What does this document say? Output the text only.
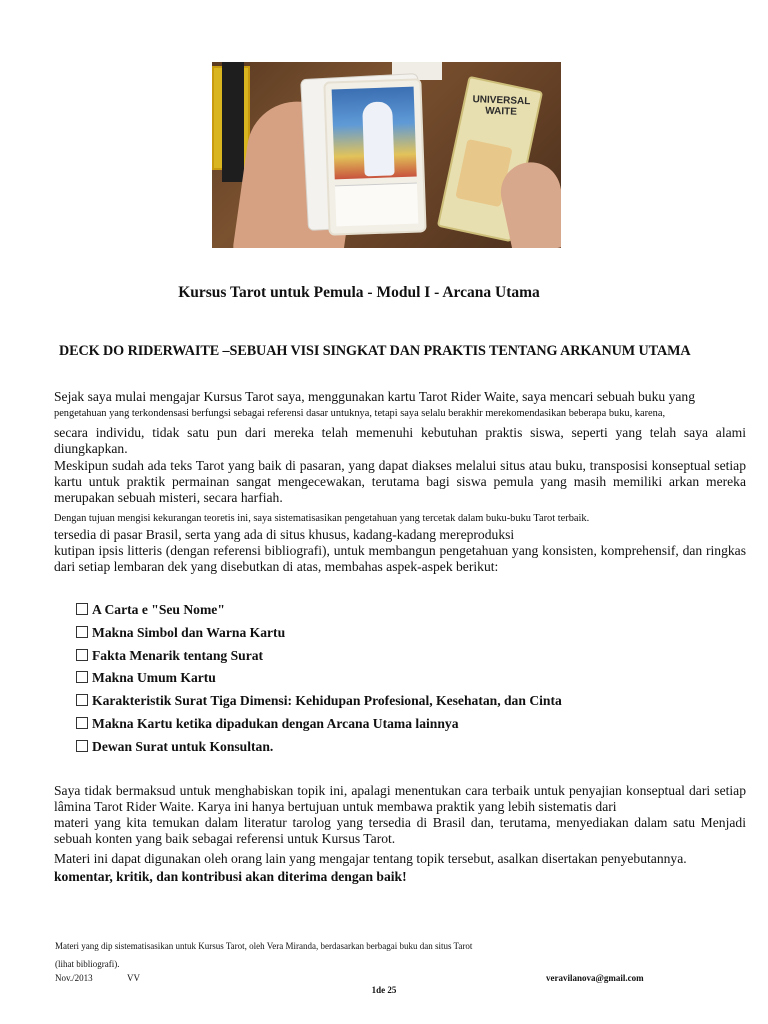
UNIVERSAL WAITE
Kursus Tarot untuk Pemula - Modul I - Arcana Utama
DECK DO RIDERWAITE –SEBUAH VISI SINGKAT DAN PRAKTIS TENTANG ARKANUM UTAMA
Sejak saya mulai mengajar Kursus Tarot saya, menggunakan kartu Tarot Rider Waite, saya mencari sebuah buku yang
pengetahuan yang terkondensasi berfungsi sebagai referensi dasar untuknya, tetapi saya selalu berakhir merekomendasikan beberapa buku, karena,
secara individu, tidak satu pun dari mereka telah memenuhi kebutuhan praktis siswa, seperti yang telah saya alami diungkapkan.
Meskipun sudah ada teks Tarot yang baik di pasaran, yang dapat diakses melalui situs atau buku, transposisi konseptual setiap kartu untuk praktik permainan sangat mengecewakan, terutama bagi siswa pemula yang masih memiliki arkan mereka merupakan sebuah misteri, secara harfiah.
Dengan tujuan mengisi kekurangan teoretis ini, saya sistematisasikan pengetahuan yang tercetak dalam buku-buku Tarot terbaik.
tersedia di pasar Brasil, serta yang ada di situs khusus, kadang-kadang mereproduksi
kutipan ipsis litteris (dengan referensi bibliografi), untuk membangun pengetahuan yang konsisten, komprehensif, dan ringkas dari setiap lembaran dek yang disebutkan di atas, membahas aspek-aspek berikut:
A Carta e "Seu Nome"
Makna Simbol dan Warna Kartu
Fakta Menarik tentang Surat
Makna Umum Kartu
Karakteristik Surat Tiga Dimensi: Kehidupan Profesional, Kesehatan, dan Cinta
Makna Kartu ketika dipadukan dengan Arcana Utama lainnya
Dewan Surat untuk Konsultan.
Saya tidak bermaksud untuk menghabiskan topik ini, apalagi menentukan cara terbaik untuk penyajian konseptual dari setiap lâmina Tarot Rider Waite. Karya ini hanya bertujuan untuk membawa praktik yang lebih sistematis dari
materi yang kita temukan dalam literatur tarolog yang tersedia di Brasil dan, terutama, menyediakan dalam satu Menjadi sebuah konten yang baik sebagai referensi untuk Kursus Tarot.
Materi ini dapat digunakan oleh orang lain yang mengajar tentang topik tersebut, asalkan disertakan penyebutannya.
komentar, kritik, dan kontribusi akan diterima dengan baik!
Materi yang dip sistematisasikan untuk Kursus Tarot, oleh Vera Miranda, berdasarkan berbagai buku dan situs Tarot
(lihat bibliografi).
Nov./2013	VV	veravilanova@gmail.com
1de 25
